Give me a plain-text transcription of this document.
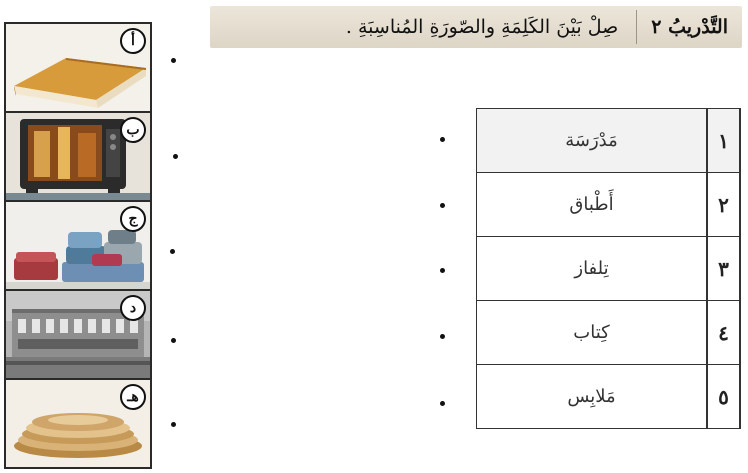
التَّدْريبُ ٢
صِلْ بَيْنَ الكَلِمَةِ والصّورَةِ المُناسِبَةِ .
أ
ب
ج
د
هـ
١
مَدْرَسَة
٢
أَطْباق
٣
تِلفاز
٤
كِتاب
٥
مَلابِس
